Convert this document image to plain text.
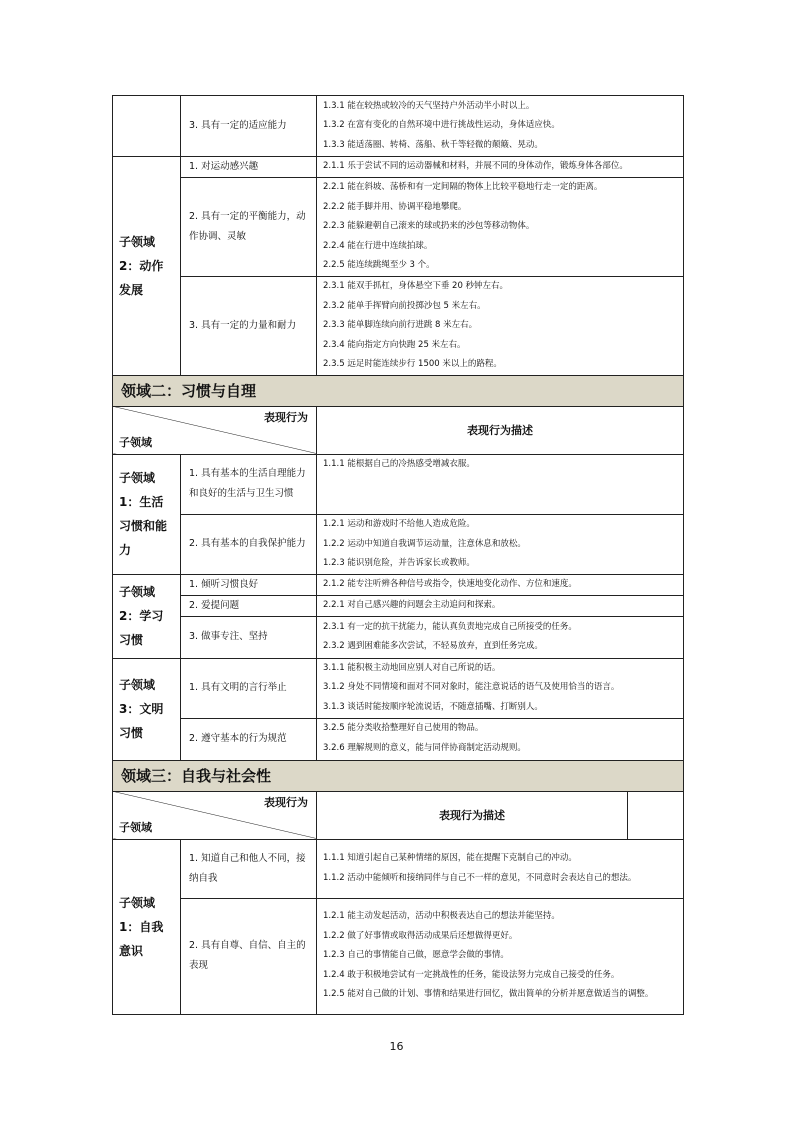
	3. 具有一定的适应能力	1.3.1 能在较热或较冷的天气坚持户外活动半小时以上。
1.3.2 在富有变化的自然环境中进行挑战性运动，身体适应快。
1.3.3 能适荡圈、转椅、荡船、秋千等轻微的颠簸、晃动。	

子领域 2：动作发展	1. 对运动感兴趣	2.1.1 乐于尝试不同的运动器械和材料，并展不同的身体动作，锻炼身体各部位。	

	2. 具有一定的平衡能力，动作协调、灵敏	2.2.1 能在斜坡、荡桥和有一定间隔的物体上比较平稳地行走一定的距离。
2.2.2 能手脚并用、协调平稳地攀爬。
2.2.3 能躲避朝自己滚来的球或扔来的沙包等移动物体。
2.2.4 能在行进中连续拍球。
2.2.5 能连续跳绳至少 3 个。	

	3. 具有一定的力量和耐力	2.3.1 能双手抓杠，身体悬空下垂 20 秒钟左右。
2.3.2 能单手挥臂向前投掷沙包 5 米左右。
2.3.3 能单脚连续向前行进跳 8 米左右。
2.3.4 能向指定方向快跑 25 米左右。
2.3.5 远足时能连续步行 1500 米以上的路程。	

领域二：习惯与自理			

表现行为
子领域		表现行为描述	
子领域 1：生活习惯和能力	1. 具有基本的生活自理能力和良好的生活与卫生习惯	1.1.1 能根据自己的冷热感受增减衣服。	

	2. 具有基本的自我保护能力	1.2.1 运动和游戏时不给他人造成危险。
1.2.2 运动中知道自我调节运动量，注意休息和放松。
1.2.3 能识别危险，并告诉家长或教师。	

子领域 2：学习习惯	1. 倾听习惯良好	2.1.2 能专注听辨各种信号或指令，快速地变化动作、方位和速度。	

	2. 爱提问题	2.2.1 对自己感兴趣的问题会主动追问和探索。	

	3. 做事专注、坚持	2.3.1 有一定的抗干扰能力，能认真负责地完成自己所接受的任务。
2.3.2 遇到困难能多次尝试，不轻易放弃，直到任务完成。	

子领域 3：文明习惯	1. 具有文明的言行举止	3.1.1 能积极主动地回应别人对自己所说的话。
3.1.2 身处不同情境和面对不同对象时，能注意说话的语气及使用恰当的语言。
3.1.3 谈话时能按顺序轮流说话，不随意插嘴、打断别人。	

	2. 遵守基本的行为规范	3.2.5 能分类收拾整理好自己使用的物品。
3.2.6 理解规则的意义，能与同伴协商制定活动规则。	

领域三：自我与社会性			

表现行为
子领域		表现行为描述	
子领域 1：自我意识	1. 知道自己和他人不同，接纳自我	1.1.1 知道引起自己某种情绪的原因，能在提醒下克制自己的冲动。
1.1.2 活动中能倾听和接纳同伴与自己不一样的意见，不同意时会表达自己的想法。	

	2. 具有自尊、自信、自主的表现	1.2.1 能主动发起活动，活动中积极表达自己的想法并能坚持。
1.2.2 做了好事情或取得活动成果后还想做得更好。
1.2.3 自己的事情能自己做，愿意学会做的事情。
1.2.4 敢于积极地尝试有一定挑战性的任务，能设法努力完成自己接受的任务。
1.2.5 能对自己做的计划、事情和结果进行回忆，做出简单的分析并愿意做适当的调整。	
16
